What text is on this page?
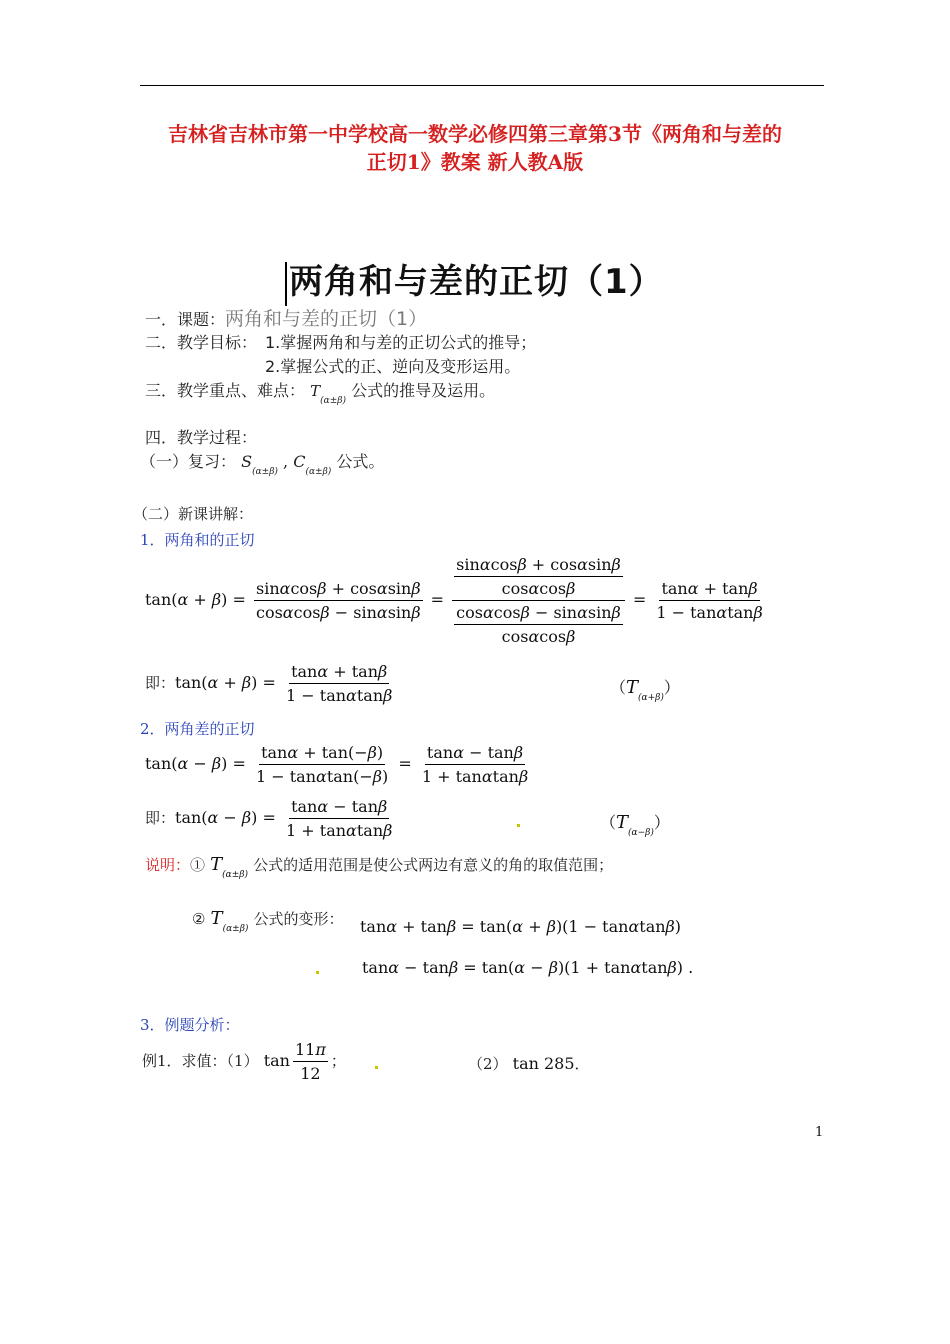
吉林省吉林市第一中学校高一数学必修四第三章第3节《两角和与差的
正切1》教案 新人教A版
两角和与差的正切（1）
一．课题：两角和与差的正切（1）
二．教学目标： 1.掌握两角和与差的正切公式的推导；
2.掌握公式的正、逆向及变形运用。
三．教学重点、难点： $T_{(\alpha\pm\beta)}$ 公式的推导及运用。
四．教学过程：
（一）复习： $S_{(\alpha\pm\beta)}$ , $C_{(\alpha\pm\beta)}$ 公式。
（二）新课讲解：
1．两角和的正切
$\tan(\alpha + \beta) = \frac{\sin\alpha\cos\beta + \cos\alpha\sin\beta}{\cos\alpha\cos\beta - \sin\alpha\sin\beta} = \frac{\frac{\sin\alpha\cos\beta + \cos\alpha\sin\beta}{\cos\alpha\cos\beta}}{\frac{\cos\alpha\cos\beta - \sin\alpha\sin\beta}{\cos\alpha\cos\beta}} = \frac{\tan\alpha + \tan\beta}{1 - \tan\alpha\tan\beta}$
即：$\tan(\alpha + \beta) = \frac{\tan\alpha + \tan\beta}{1 - \tan\alpha\tan\beta}$	$(T_{(\alpha+\beta)})$
2．两角差的正切
$\tan(\alpha - \beta) = \frac{\tan\alpha + \tan(-\beta)}{1 - \tan\alpha\tan(-\beta)} = \frac{\tan\alpha - \tan\beta}{1 + \tan\alpha\tan\beta}$
即：$\tan(\alpha - \beta) = \frac{\tan\alpha - \tan\beta}{1 + \tan\alpha\tan\beta}$	$(T_{(\alpha-\beta)})$
说明：① $T_{(\alpha\pm\beta)}$ 公式的适用范围是使公式两边有意义的角的取值范围；
② $T_{(\alpha\pm\beta)}$ 公式的变形： tanα + tanβ = tan(α + β)(1 − tanαtanβ)
tanα − tanβ = tan(α − β)(1 + tanαtanβ) .
3．例题分析：
例1．求值：（1） $\tan \frac{11\pi}{12}$ ；	（2） tan 285．
1
